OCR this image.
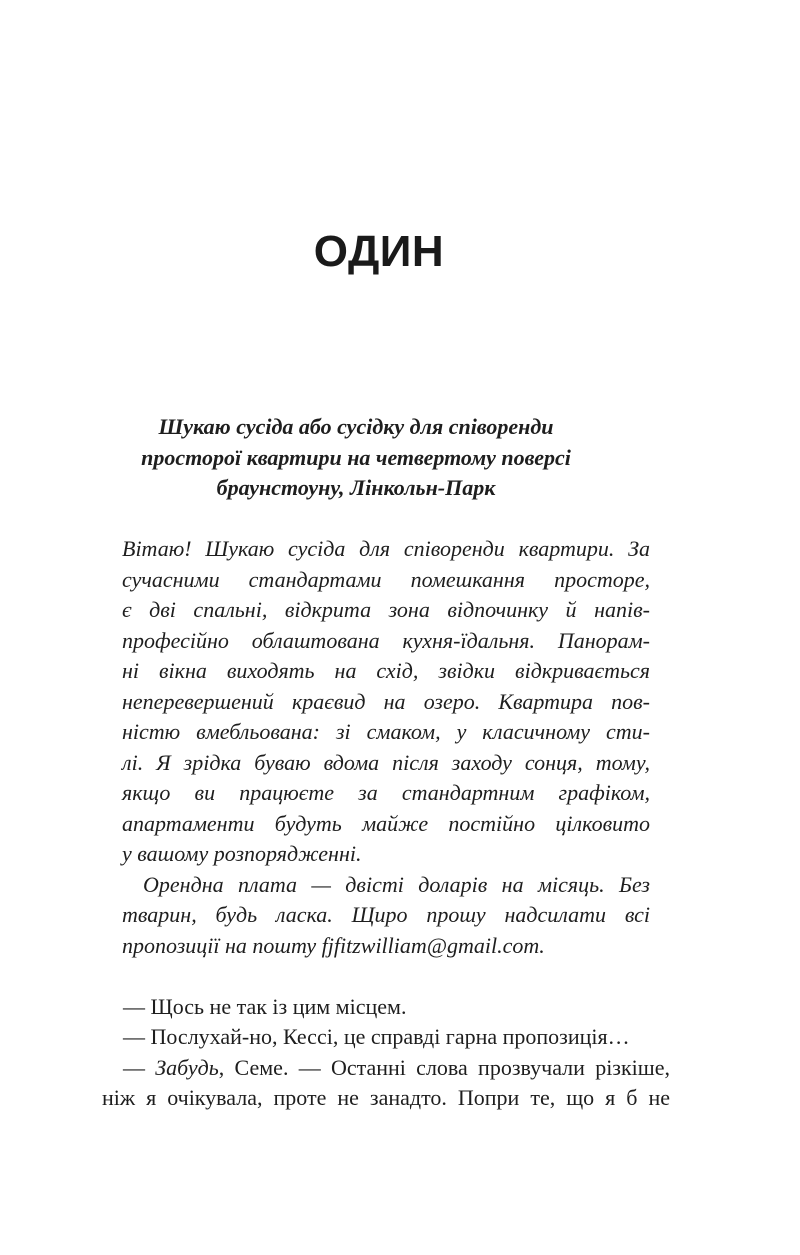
ОДИН
Шукаю сусіда або сусідку для співоренди
просторої квартири на четвертому поверсі
браунстоуну, Лінкольн-Парк
Вітаю! Шукаю сусіда для співоренди квартири. За
сучасними стандартами помешкання просторе,
є дві спальні, відкрита зона відпочинку й напів-
професійно облаштована кухня-їдальня. Панорам-
ні вікна виходять на схід, звідки відкривається
неперевершений краєвид на озеро. Квартира пов-
ністю вмебльована: зі смаком, у класичному сти-
лі. Я зрідка буваю вдома після заходу сонця, тому,
якщо ви працюєте за стандартним графіком,
апартаменти будуть майже постійно цілковито
у вашому розпорядженні.
Орендна плата — двісті доларів на місяць. Без
тварин, будь ласка. Щиро прошу надсилати всі
пропозиції на пошту fjfitzwilliam@gmail.com.
— Щось не так із цим місцем.
— Послухай-но, Кессі, це справді гарна пропозиція…
— Забудь, Семе. — Останні слова прозвучали різкіше,
ніж я очікувала, проте не занадто. Попри те, що я б не
